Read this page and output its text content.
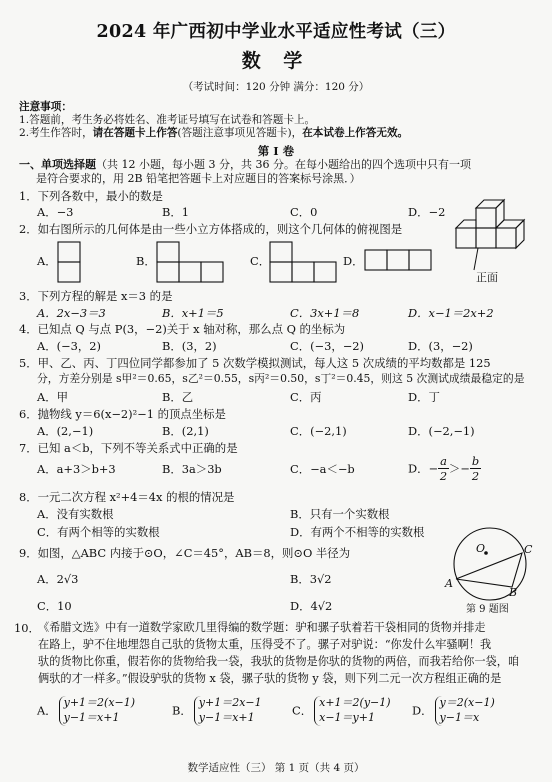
2024 年广西初中学业水平适应性考试（三）
数 学
（考试时间：120 分钟 满分：120 分）
注意事项：
1.答题前，考生务必将姓名、准考证号填写在试卷和答题卡上。
2.考生作答时，请在答题卡上作答(答题注意事项见答题卡)，在本试卷上作答无效。
第 I 卷
一、单项选择题（共 12 小题，每小题 3 分，共 36 分。在每小题给出的四个选项中只有一项
是符合要求的，用 2B 铅笔把答题卡上对应题目的答案标号涂黑．）
1．下列各数中，最小的数是
A．−3	B．1	C．0	D．−2
2．如右图所示的几何体是由一些小立方体搭成的，则这个几何体的俯视图是
A．	B．	C．	D．
正面
3．下列方程的解是 x＝3 的是
A．2x−3＝3	B．x+1＝5	C．3x+1＝8	D．x−1＝2x+2
4．已知点 Q 与点 P(3，−2)关于 x 轴对称，那么点 Q 的坐标为
A．(−3，2)	B．(3，2)	C．(−3，−2)	D．(3，−2)
5．甲、乙、丙、丁四位同学都参加了 5 次数学模拟测试，每人这 5 次成绩的平均数都是 125
分，方差分别是 s甲²＝0.65，s乙²＝0.55，s丙²＝0.50，s丁²＝0.45，则这 5 次测试成绩最稳定的是
A．甲	B．乙	C．丙	D．丁
6．抛物线 y＝6(x−2)²−1 的顶点坐标是
A．(2,−1)	B．(2,1)	C．(−2,1)	D．(−2,−1)
7．已知 a＜b，下列不等关系式中正确的是
A．a+3＞b+3	B．3a＞3b	C．−a＜−b	D．− $\frac{a}{2} >- \frac{b}{2}$
8．一元二次方程 x²+4＝4x 的根的情况是
A．没有实数根	B．只有一个实数根
C．有两个相等的实数根	D．有两个不相等的实数根
9．如图，△ABC 内接于⊙O，∠C＝45°，AB＝8，则⊙O 半径为
A．2√3	B．3√2
C．10	D．4√2
O
A
B
C
第 9 题图
10．
《希腊文选》中有一道数学家欧几里得编的数学题：驴和骡子驮着若干袋相同的货物并排走
在路上，驴不住地埋怨自己驮的货物太重，压得受不了。骡子对驴说：“你发什么牢骚啊！我
驮的货物比你重，假若你的货物给我一袋，我驮的货物是你驮的货物的两倍，而我若给你一袋，咱
俩驮的才一样多。”假设驴驮的货物 x 袋，骡子驮的货物 y 袋，则下列二元一次方程组正确的是
A．
y+1＝2(x−1)
y−1＝x+1	B．
y+1＝2x−1
y−1＝x+1	C．
x+1＝2(y−1)
x−1＝y+1	D．
y＝2(x−1)
y−1＝x
数学适应性（三） 第 1 页（共 4 页）
